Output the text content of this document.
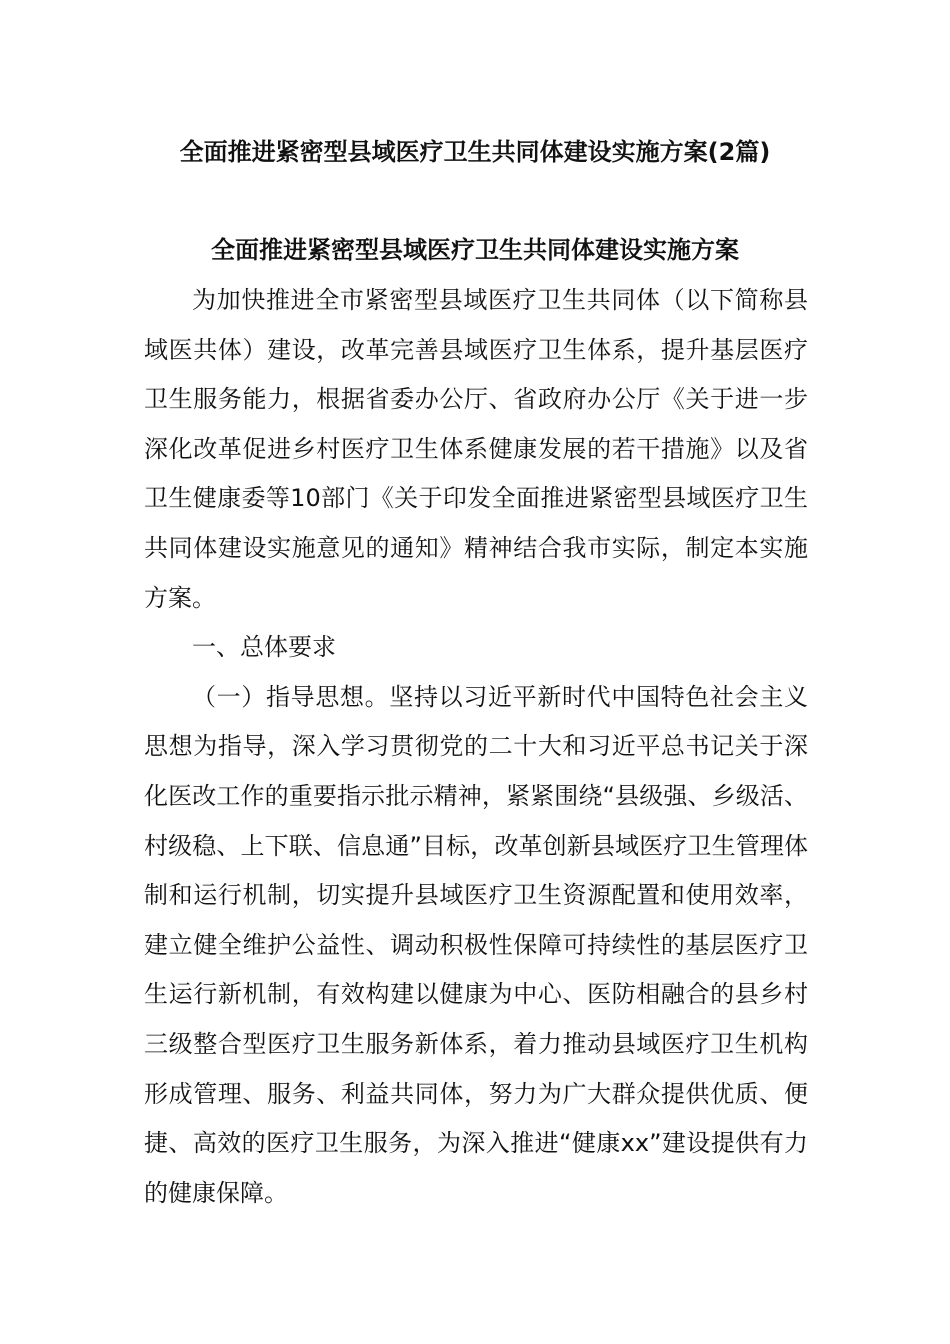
全面推进紧密型县域医疗卫生共同体建设实施方案(2篇)
全面推进紧密型县域医疗卫生共同体建设实施方案

为加快推进全市紧密型县域医疗卫生共同体（以下简称县域医共体）建设，改革完善县域医疗卫生体系，提升基层医疗卫生服务能力，根据省委办公厅、省政府办公厅《关于进一步深化改革促进乡村医疗卫生体系健康发展的若干措施》以及省卫生健康委等10部门《关于印发全面推进紧密型县域医疗卫生共同体建设实施意见的通知》精神结合我市实际，制定本实施方案。

一、总体要求

（一）指导思想。坚持以习近平新时代中国特色社会主义思想为指导，深入学习贯彻党的二十大和习近平总书记关于深化医改工作的重要指示批示精神，紧紧围绕“县级强、乡级活、村级稳、上下联、信息通”目标，改革创新县域医疗卫生管理体制和运行机制，切实提升县域医疗卫生资源配置和使用效率，建立健全维护公益性、调动积极性保障可持续性的基层医疗卫生运行新机制，有效构建以健康为中心、医防相融合的县乡村三级整合型医疗卫生服务新体系，着力推动县域医疗卫生机构形成管理、服务、利益共同体，努力为广大群众提供优质、便捷、高效的医疗卫生服务，为深入推进“健康xx”建设提供有力的健康保障。
